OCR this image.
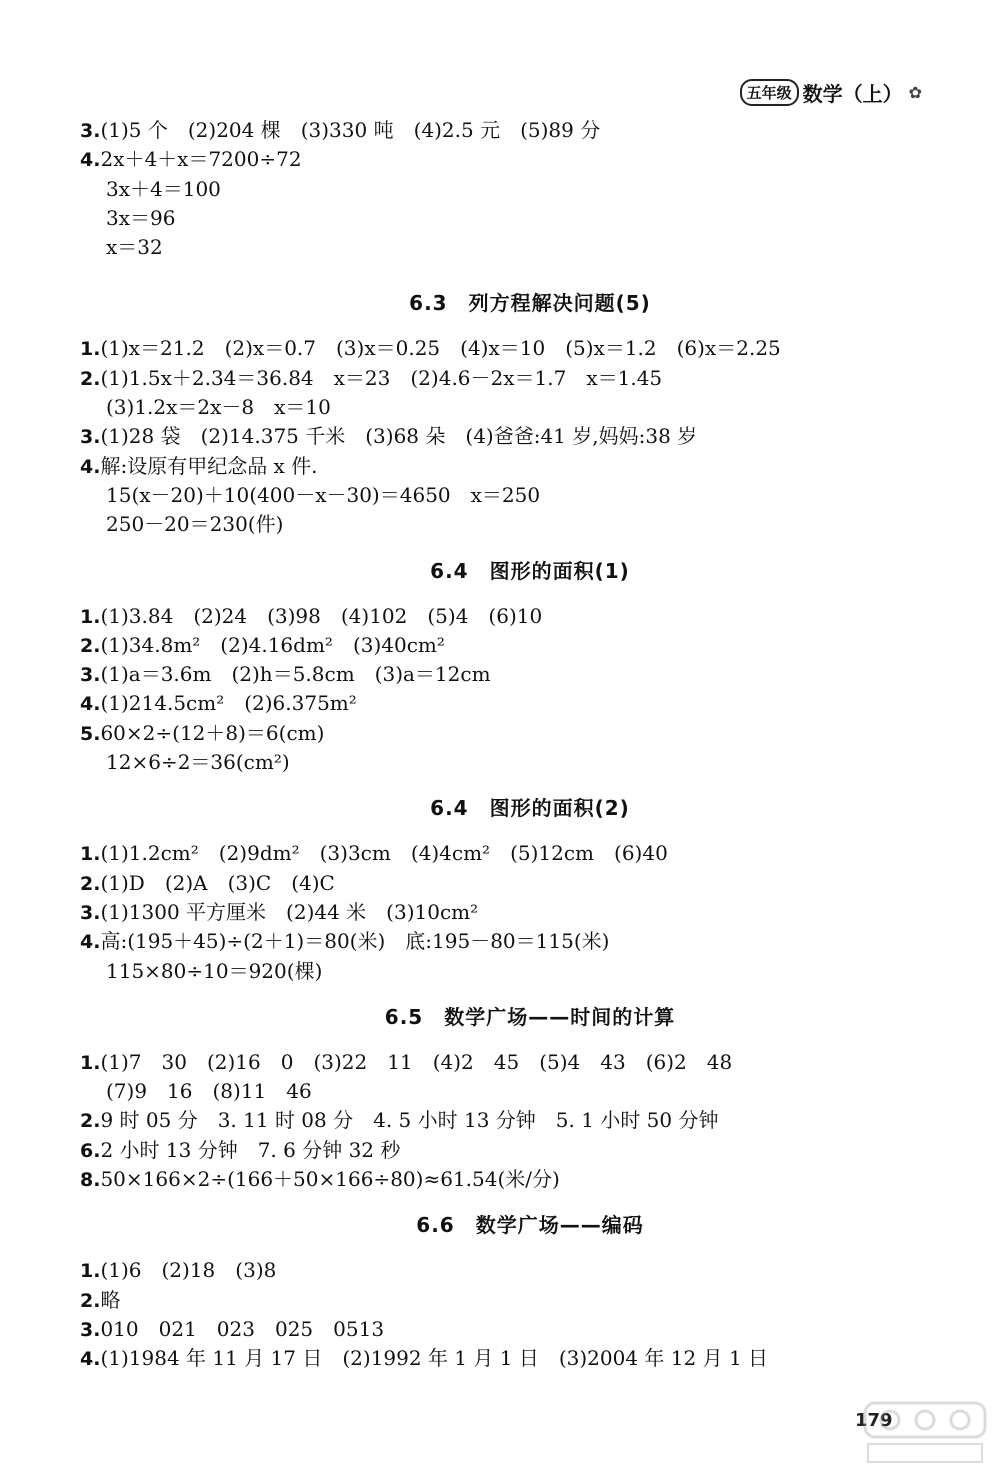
五年级 数学（上） ✿
3.(1)5 个　(2)204 棵　(3)330 吨　(4)2.5 元　(5)89 分
4.2x＋4＋x＝7200÷72
3x＋4＝100
3x＝96
x＝32
6.3　列方程解决问题(5)
1.(1)x＝21.2　(2)x＝0.7　(3)x＝0.25　(4)x＝10　(5)x＝1.2　(6)x＝2.25
2.(1)1.5x＋2.34＝36.84　x＝23　(2)4.6－2x＝1.7　x＝1.45
(3)1.2x＝2x－8　x＝10
3.(1)28 袋　(2)14.375 千米　(3)68 朵　(4)爸爸:41 岁,妈妈:38 岁
4.解:设原有甲纪念品 x 件.
15(x－20)＋10(400－x－30)＝4650　x＝250
250－20＝230(件)
6.4　图形的面积(1)
1.(1)3.84　(2)24　(3)98　(4)102　(5)4　(6)10
2.(1)34.8m²　(2)4.16dm²　(3)40cm²
3.(1)a＝3.6m　(2)h＝5.8cm　(3)a＝12cm
4.(1)214.5cm²　(2)6.375m²
5.60×2÷(12＋8)＝6(cm)
12×6÷2＝36(cm²)
6.4　图形的面积(2)
1.(1)1.2cm²　(2)9dm²　(3)3cm　(4)4cm²　(5)12cm　(6)40
2.(1)D　(2)A　(3)C　(4)C
3.(1)1300 平方厘米　(2)44 米　(3)10cm²
4.高:(195＋45)÷(2＋1)＝80(米)　底:195－80＝115(米)
115×80÷10＝920(棵)
6.5　数学广场——时间的计算
1.(1)7　30　(2)16　0　(3)22　11　(4)2　45　(5)4　43　(6)2　48
(7)9　16　(8)11　46
2.9 时 05 分　3. 11 时 08 分　4. 5 小时 13 分钟　5. 1 小时 50 分钟
6.2 小时 13 分钟　7. 6 分钟 32 秒
8.50×166×2÷(166＋50×166÷80)≈61.54(米/分)
6.6　数学广场——编码
1.(1)6　(2)18　(3)8
2.略
3.010　021　023　025　0513
4.(1)1984 年 11 月 17 日　(2)1992 年 1 月 1 日　(3)2004 年 12 月 1 日
179
